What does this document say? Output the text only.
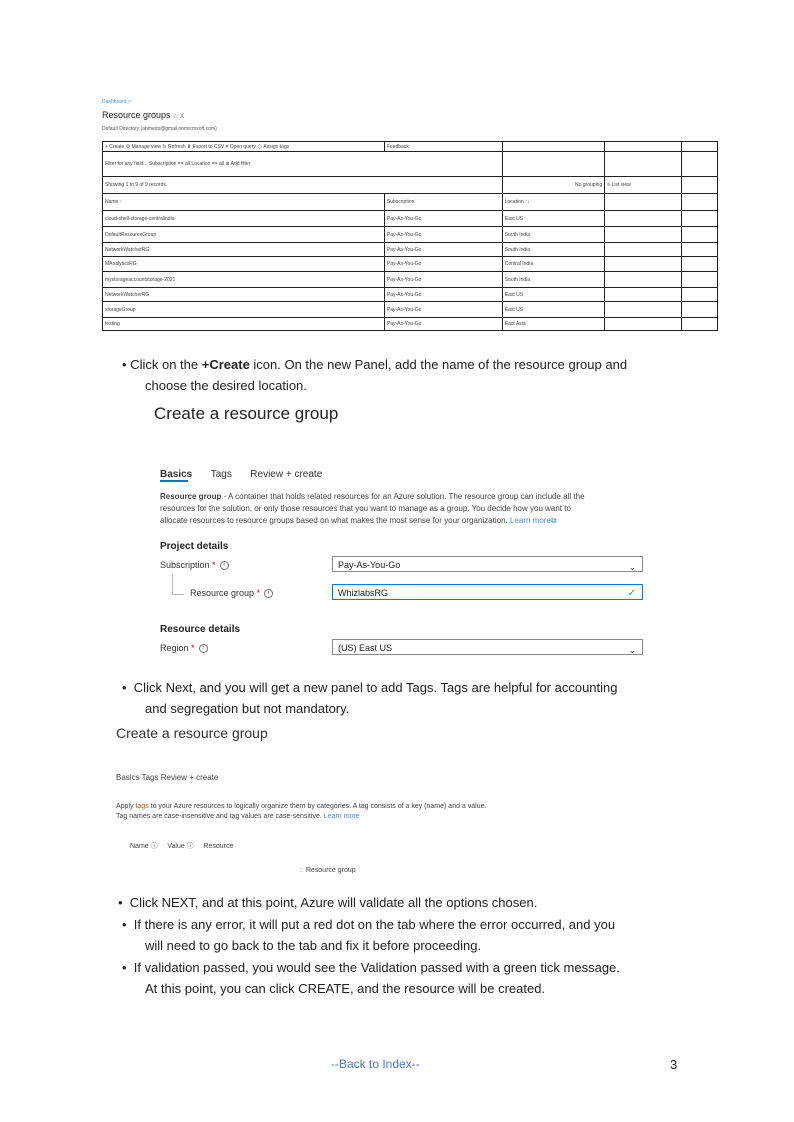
Dashboard >
Resource groups ☆ X
Default Directory (ahmeds@gmail.onmicrosoft.com)
+ Create ⚙ Manage view ↻ Refresh ⬇ Export to CSV ⌗ Open query ⟐ Assign tags	Feedback			
Filter for any field... Subscription == all Location == all ⊕ Add filter				
Showing 1 to 9 of 9 records.		No grouping	≡ List view	
Name ↑	Subscription	Location ↑↓		
cloud-shell-storage-centralindia	Pay-As-You-Go	East US		
DefaultResourceGroup	Pay-As-You-Go	South India		
NetworkWatcherRG	Pay-As-You-Go	South India		
MAnalyticsRG	Pay-As-You-Go	Central India		
mystorageaccountstorage-2021	Pay-As-You-Go	South India		
NetworkWatcherRG	Pay-As-You-Go	East US		
storageGroup	Pay-As-You-Go	East US		
testing	Pay-As-You-Go	East Asia		
• Click on the +Create icon. On the new Panel, add the name of the resource group and
choose the desired location.
Create a resource group
Basics Tags Review + create
Resource group - A container that holds related resources for an Azure solution. The resource group can include all the
resources for the solution, or only those resources that you want to manage as a group. You decide how you want to
allocate resources to resource groups based on what makes the most sense for your organization. Learn more⧉
Project details
Subscription * i	Pay-As-You-Go	⌄
Resource group * i	WhizlabsRG	✓
Resource details
Region * i	(US) East US	⌄
• Click Next, and you will get a new panel to add Tags. Tags are helpful for accounting
and segregation but not mandatory.
Create a resource group
Basics Tags Review + create
Apply tags to your Azure resources to logically organize them by categories. A tag consists of a key (name) and a value.
Tag names are case-insensitive and tag values are case-sensitive. Learn more
Name ⓘ     Value ⓘ     Resource
:  Resource group
• Click NEXT, and at this point, Azure will validate all the options chosen.
• If there is any error, it will put a red dot on the tab where the error occurred, and you
will need to go back to the tab and fix it before proceeding.
• If validation passed, you would see the Validation passed with a green tick message.
At this point, you can click CREATE, and the resource will be created.
--Back to Index--	3
